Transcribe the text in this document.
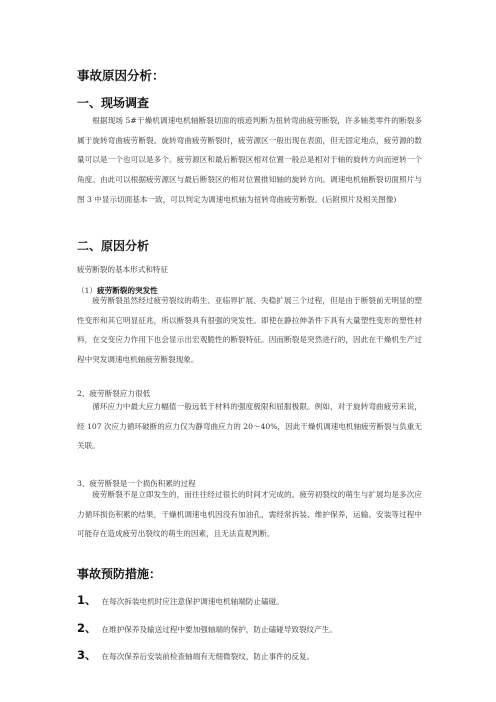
事故原因分析：
一、现场调查

根据现场 5#干燥机调速电机轴断裂切面的痕迹判断为扭转弯曲疲劳断裂，许多轴类零件的断裂多属于旋转弯曲疲劳断裂。旋转弯曲疲劳断裂时，疲劳源区一般出现在表面，但无固定地点，疲劳源的数量可以是一个也可以是多个。疲劳源区和最后断裂区相对位置一般总是相对于轴的旋转方向而逆转一个角度。由此可以根据疲劳源区与最后断裂区的相对位置推知轴的旋转方向。调速电机轴断裂切面照片与图 3 中显示切面基本一致，可以判定为调速电机轴为扭转弯曲疲劳断裂。(后附照片及相关图像)

二、原因分析
疲劳断裂的基本形式和特征
（1）疲劳断裂的突发性

疲劳断裂虽然经过疲劳裂纹的萌生、亚临界扩展、失稳扩展三个过程，但是由于断裂前无明显的塑性变形和其它明显征兆，所以断裂具有很强的突发性。即使在静拉伸条件下具有大量塑性变形的塑性材料，在交变应力作用下也会显示出宏观脆性的断裂特征。因而断裂是突然进行的，因此在干燥机生产过程中突发调速电机轴疲劳断裂现象。

2、疲劳断裂应力很低

循环应力中最大应力幅值一般远低于材料的强度极限和屈服极限。例如，对于旋转弯曲疲劳来说，经 107 次应力循环破断的应力仅为静弯曲应力的 20～40%，因此干燥机调速电机轴疲劳断裂与负重无关联。

3、疲劳断裂是一个损伤积累的过程

疲劳断裂不是立即发生的，而往往经过很长的时间才完成的。疲劳初裂纹的萌生与扩展均是多次应力循环损伤积累的结果，干燥机调速电机因没有加油孔，需经常拆装、维护保养，运输、安装等过程中可能存在造成疲劳出裂纹的萌生的因素，且无法直观判断。

事故预防措施：
1、 在每次拆装电机时应注意保护调速电机轴端防止磕碰。
2、 在维护保养及输送过程中要加强轴端的保护，防止磕碰导致裂纹产生。
3、 在每次保养后安装前检查轴端有无细微裂纹，防止事件的反复。
